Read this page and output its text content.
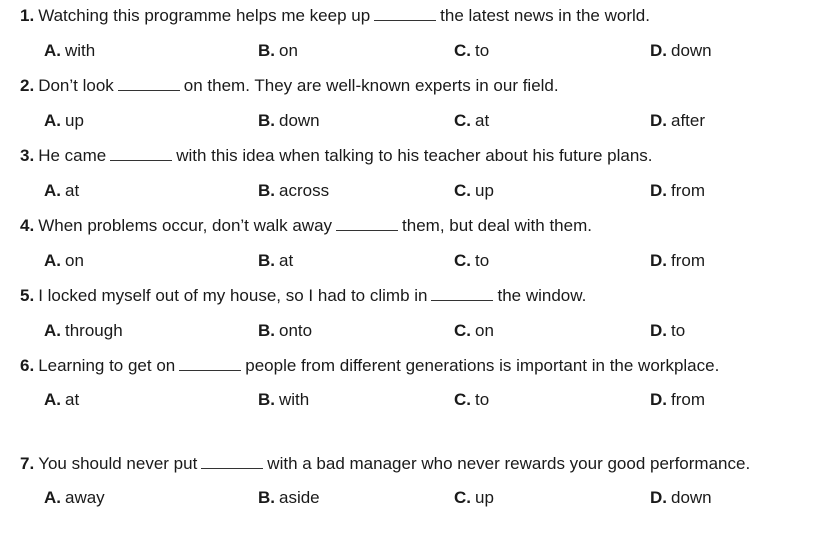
1. Watching this programme helps me keep up	the latest news in the world.
A. with	B. on	C. to	D. down
2. Don’t look	on them. They are well-known experts in our field.
A. up	B. down	C. at	D. after
3. He came	with this idea when talking to his teacher about his future plans.
A. at	B. across	C. up	D. from
4. When problems occur, don’t walk away	them, but deal with them.
A. on	B. at	C. to	D. from
5. I locked myself out of my house, so I had to climb in	the window.
A. through	B. onto	C. on	D. to
6. Learning to get on	people from different generations is important in the workplace.
A. at	B. with	C. to	D. from
7. You should never put	with a bad manager who never rewards your good performance.
A. away	B. aside	C. up	D. down
